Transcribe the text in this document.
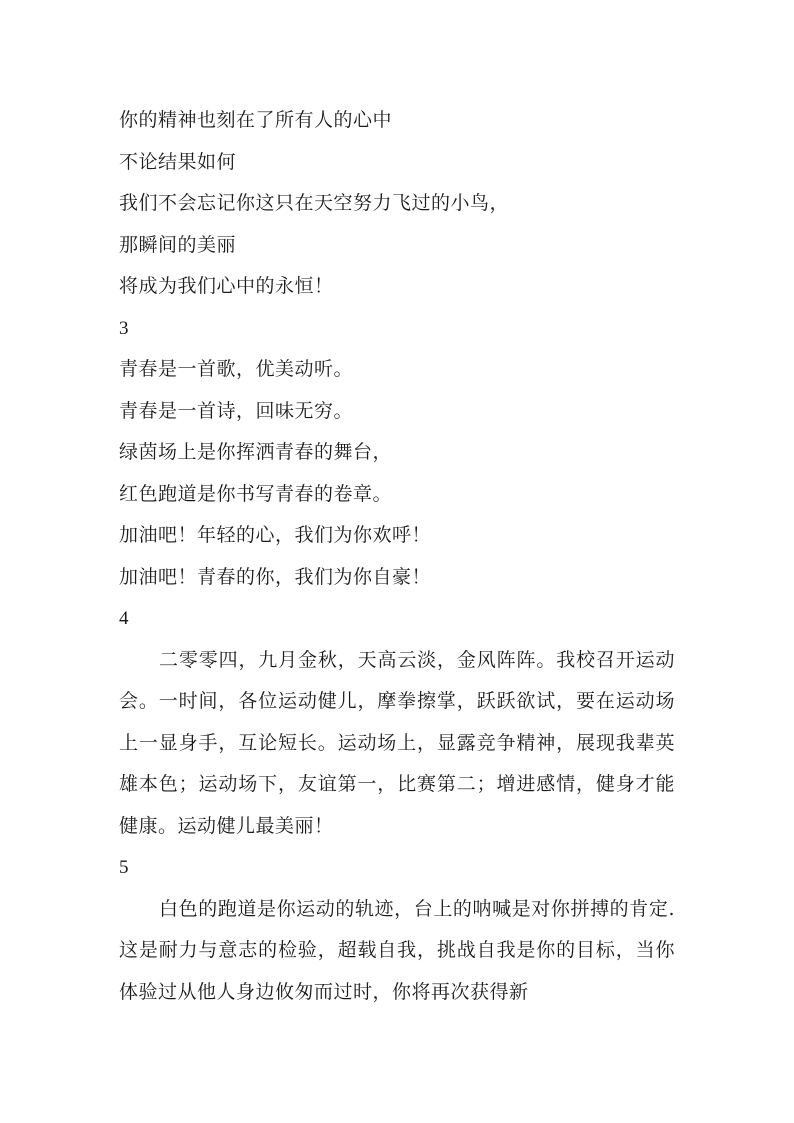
你的精神也刻在了所有人的心中
不论结果如何
我们不会忘记你这只在天空努力飞过的小鸟，
那瞬间的美丽
将成为我们心中的永恒！
3
青春是一首歌，优美动听。
青春是一首诗，回味无穷。
绿茵场上是你挥洒青春的舞台，
红色跑道是你书写青春的卷章。
加油吧！年轻的心，我们为你欢呼！
加油吧！青春的你，我们为你自豪！
4

二零零四，九月金秋，天高云淡，金风阵阵。我校召开运动会。一时间，各位运动健儿，摩拳擦掌，跃跃欲试，要在运动场上一显身手，互论短长。运动场上，显露竞争精神，展现我辈英雄本色；运动场下，友谊第一，比赛第二；增进感情，健身才能健康。运动健儿最美丽！

5

白色的跑道是你运动的轨迹，台上的呐喊是对你拼搏的肯定. 这是耐力与意志的检验，超载自我，挑战自我是你的目标，当你体验过从他人身边攸匆而过时，你将再次获得新
